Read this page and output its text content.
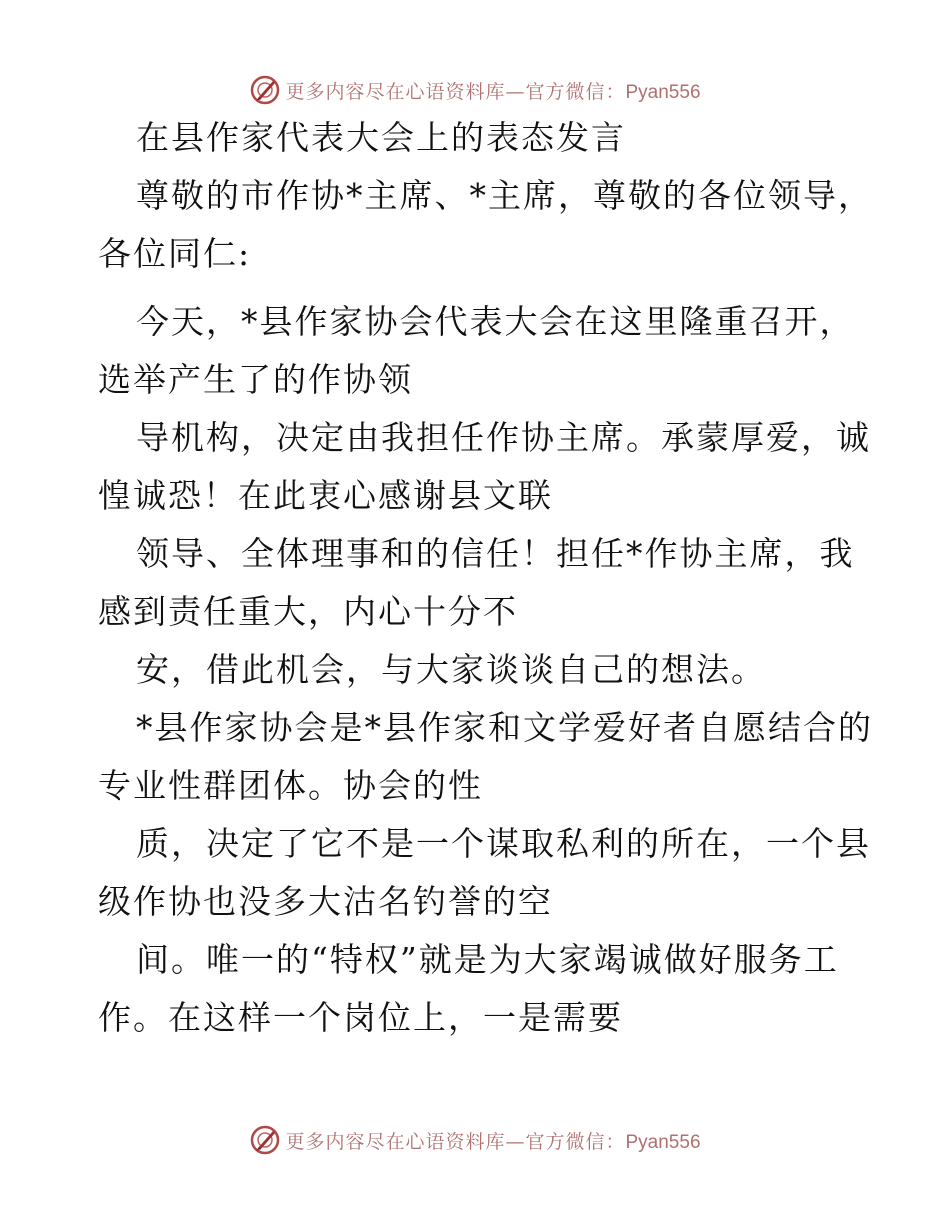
更多内容尽在心语资料库—官方微信：Pyan556
在县作家代表大会上的表态发言
尊敬的市作协*主席、*主席，尊敬的各位领导，
各位同仁:
今天，*县作家协会代表大会在这里隆重召开，
选举产生了的作协领
导机构，决定由我担任作协主席。承蒙厚爱，诚
惶诚恐！在此衷心感谢县文联
领导、全体理事和的信任！担任*作协主席，我
感到责任重大，内心十分不
安，借此机会，与大家谈谈自己的想法。
*县作家协会是*县作家和文学爱好者自愿结合的
专业性群团体。协会的性
质，决定了它不是一个谋取私利的所在，一个县
级作协也没多大沽名钓誉的空
间。唯一的“特权”就是为大家竭诚做好服务工
作。在这样一个岗位上，一是需要
更多内容尽在心语资料库—官方微信：Pyan556
